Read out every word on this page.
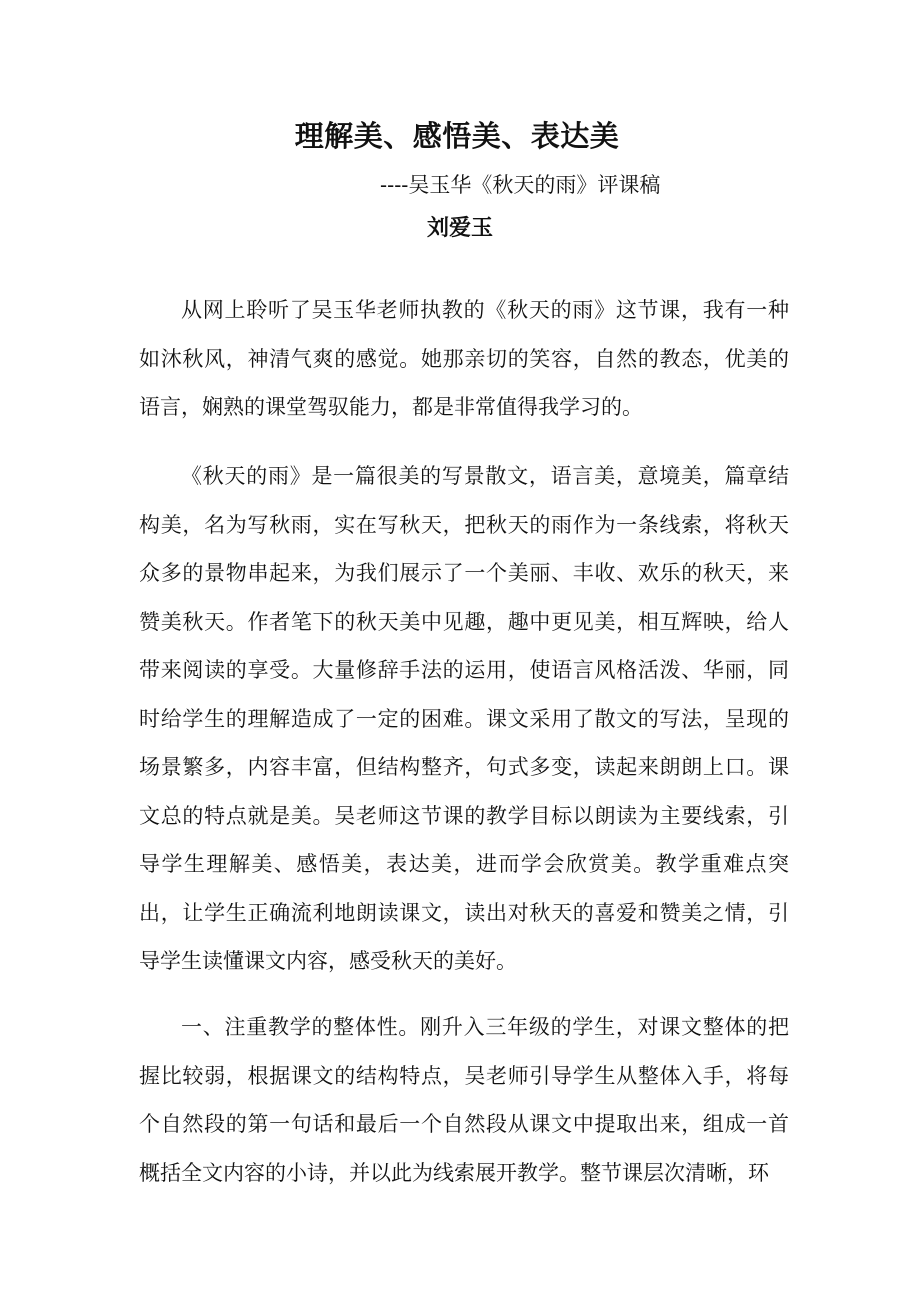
理解美、感悟美、表达美
----吴玉华《秋天的雨》评课稿
刘爱玉

从网上聆听了吴玉华老师执教的《秋天的雨》这节课，我有一种如沐秋风，神清气爽的感觉。她那亲切的笑容，自然的教态，优美的语言，娴熟的课堂驾驭能力，都是非常值得我学习的。

《秋天的雨》是一篇很美的写景散文，语言美，意境美，篇章结构美，名为写秋雨，实在写秋天，把秋天的雨作为一条线索，将秋天众多的景物串起来，为我们展示了一个美丽、丰收、欢乐的秋天，来赞美秋天。作者笔下的秋天美中见趣，趣中更见美，相互辉映，给人带来阅读的享受。大量修辞手法的运用，使语言风格活泼、华丽，同时给学生的理解造成了一定的困难。课文采用了散文的写法，呈现的场景繁多，内容丰富，但结构整齐，句式多变，读起来朗朗上口。课文总的特点就是美。吴老师这节课的教学目标以朗读为主要线索，引导学生理解美、感悟美，表达美，进而学会欣赏美。教学重难点突出，让学生正确流利地朗读课文，读出对秋天的喜爱和赞美之情，引导学生读懂课文内容，感受秋天的美好。

一、注重教学的整体性。刚升入三年级的学生，对课文整体的把握比较弱，根据课文的结构特点，吴老师引导学生从整体入手，将每个自然段的第一句话和最后一个自然段从课文中提取出来，组成一首概括全文内容的小诗，并以此为线索展开教学。整节课层次清晰，环
